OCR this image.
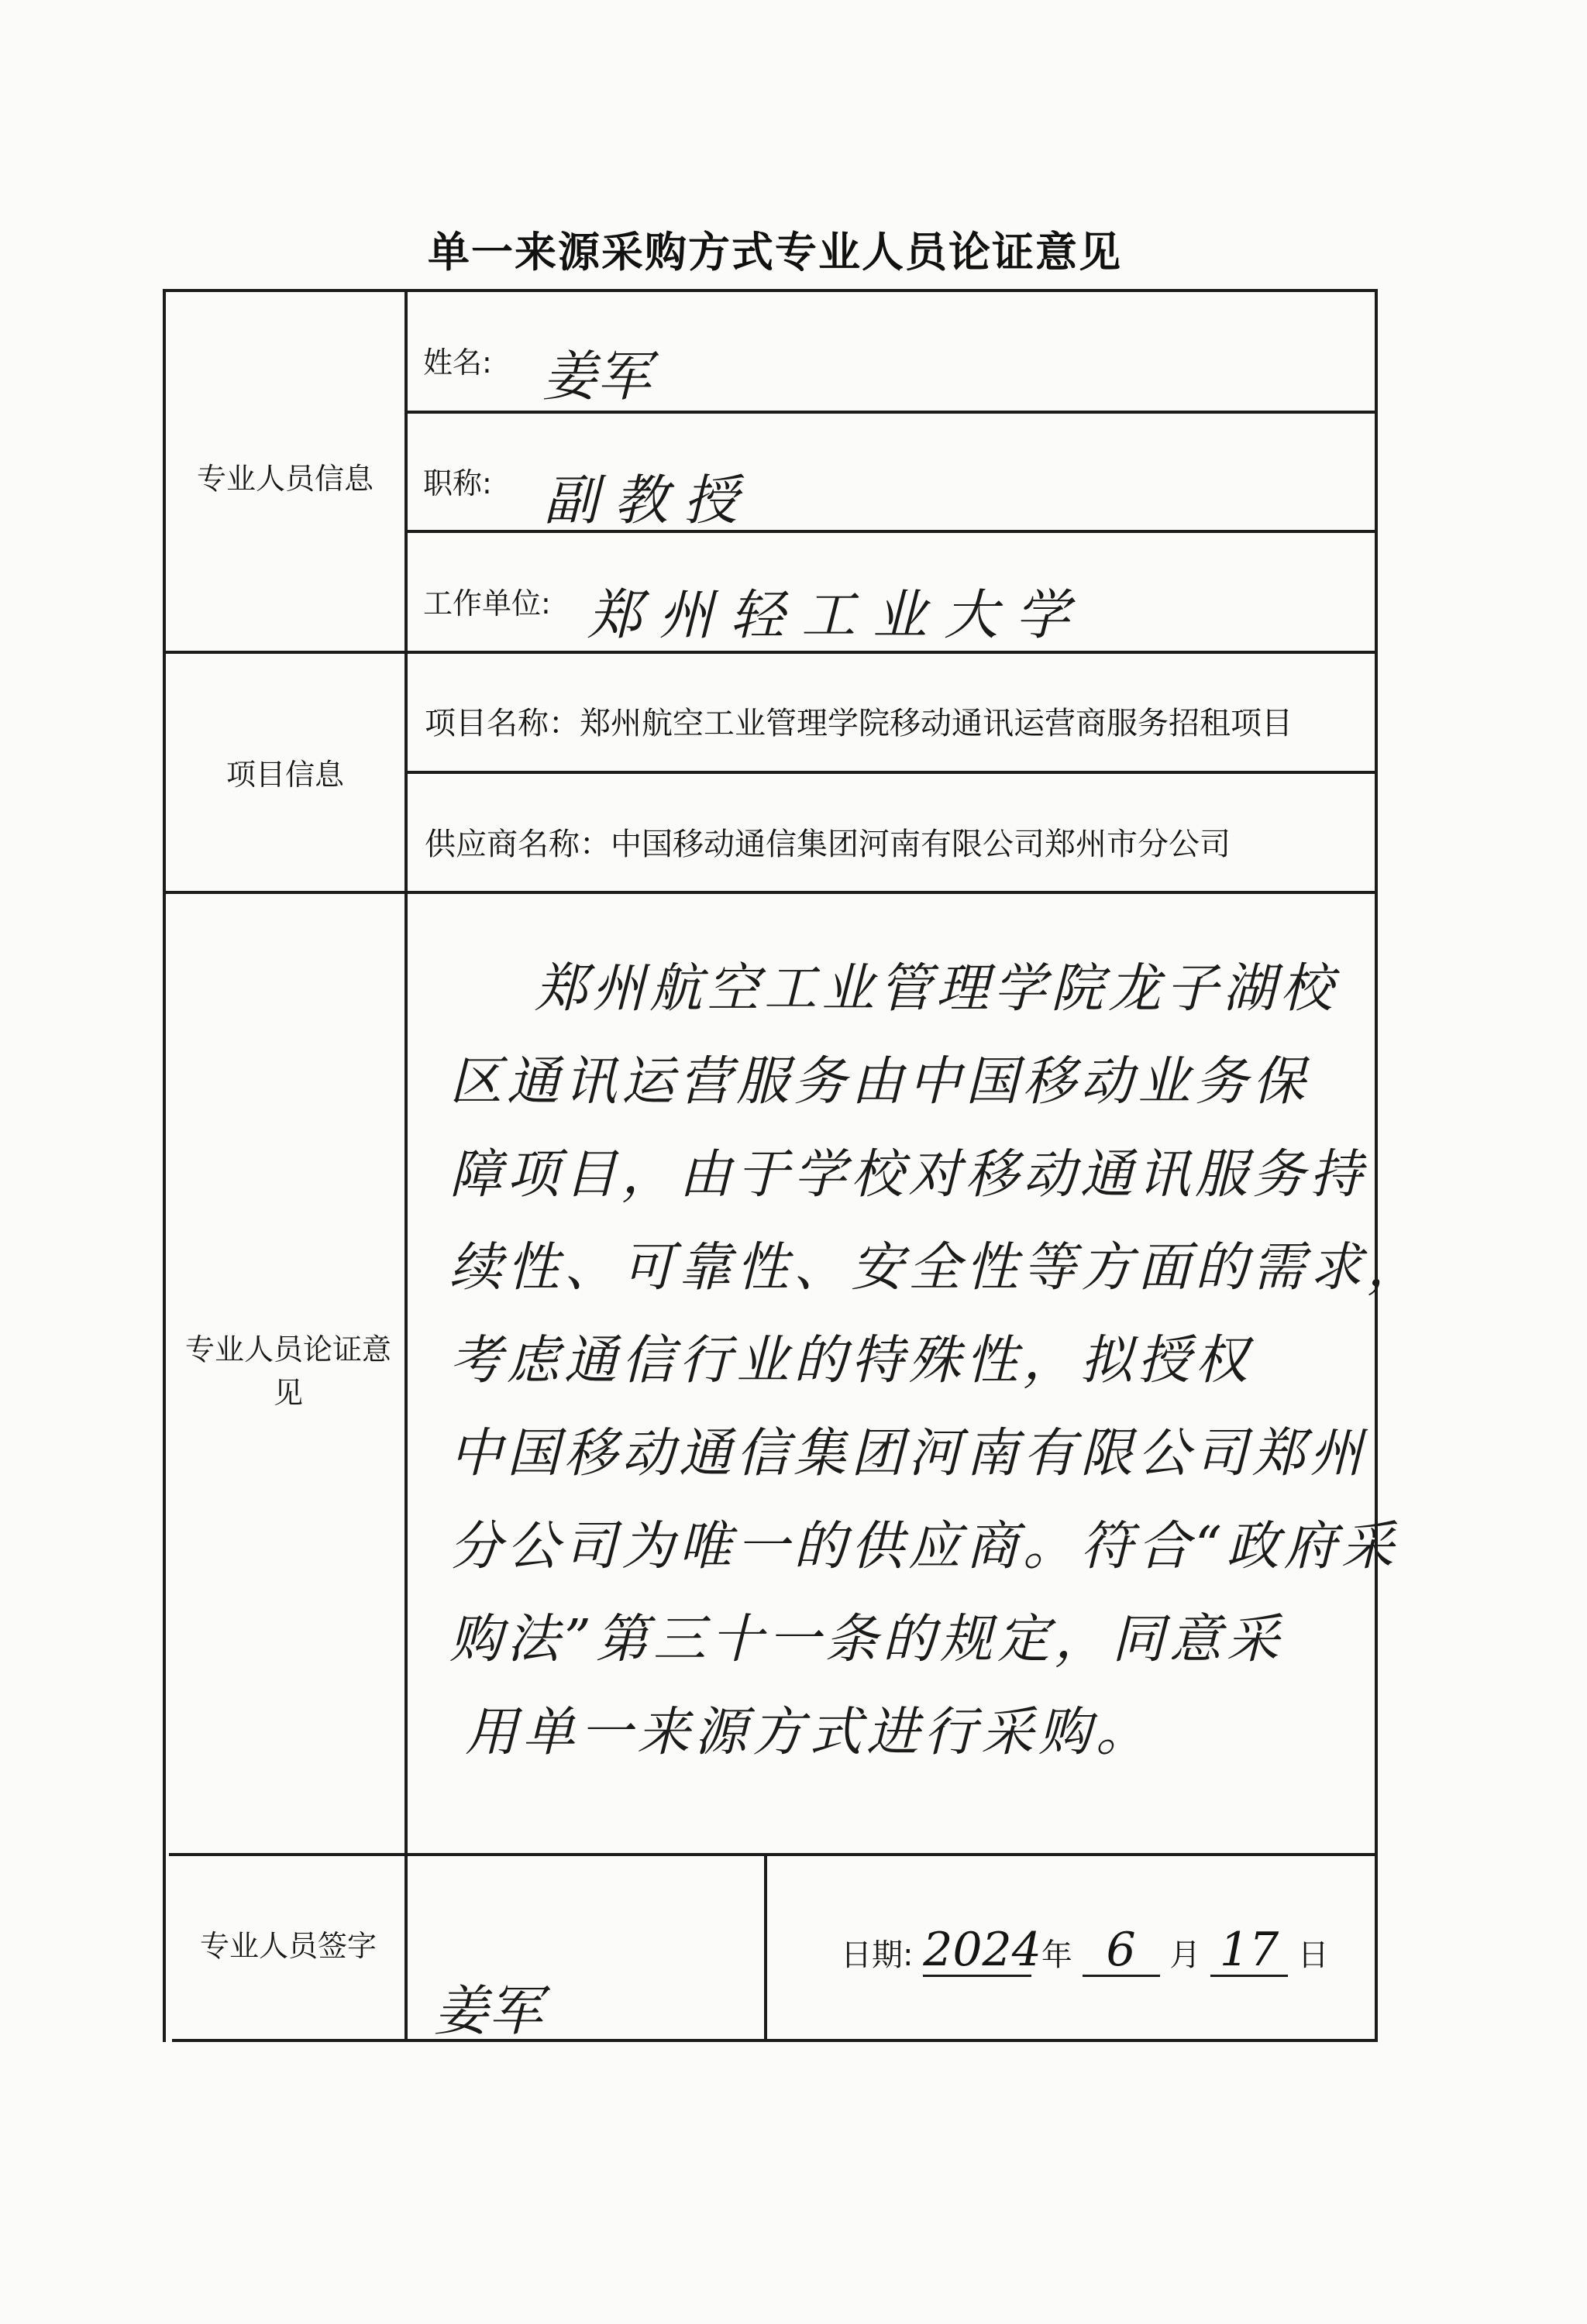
单一来源采购方式专业人员论证意见
专业人员信息
姓名: 姜军
职称: 副教授
工作单位: 郑州轻工业大学
项目信息
项目名称：郑州航空工业管理学院移动通讯运营商服务招租项目
供应商名称：中国移动通信集团河南有限公司郑州市分公司
专业人员论证意见
郑州航空工业管理学院龙子湖校
区通讯运营服务由中国移动业务保
障项目，由于学校对移动通讯服务持
续性、可靠性、安全性等方面的需求，
考虑通信行业的特殊性，拟授权
中国移动通信集团河南有限公司郑州
分公司为唯一的供应商。符合“政府采
购法”第三十一条的规定，同意采
用单一来源方式进行采购。
专业人员签字
姜军
日期: 2024 年 6 月 17 日
